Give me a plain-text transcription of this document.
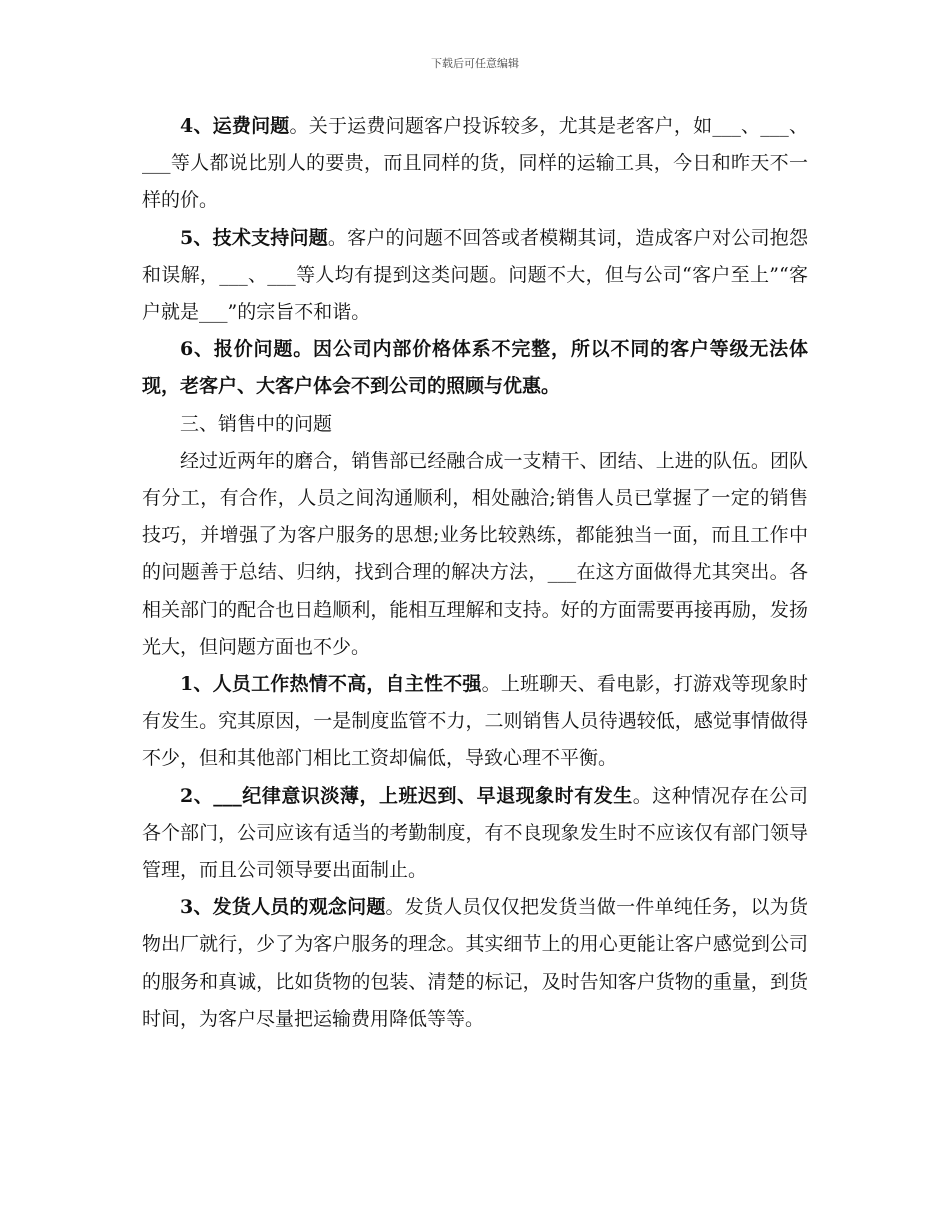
下载后可任意编辑

4、运费问题。关于运费问题客户投诉较多，尤其是老客户，如___、___、___等人都说比别人的要贵，而且同样的货，同样的运输工具，今日和昨天不一样的价。

5、技术支持问题。客户的问题不回答或者模糊其词，造成客户对公司抱怨和误解，___、___等人均有提到这类问题。问题不大，但与公司“客户至上”“客户就是___”的宗旨不和谐。

6、报价问题。因公司内部价格体系不完整，所以不同的客户等级无法体现，老客户、大客户体会不到公司的照顾与优惠。

三、销售中的问题

经过近两年的磨合，销售部已经融合成一支精干、团结、上进的队伍。团队有分工，有合作，人员之间沟通顺利，相处融洽;销售人员已掌握了一定的销售技巧，并增强了为客户服务的思想;业务比较熟练，都能独当一面，而且工作中的问题善于总结、归纳，找到合理的解决方法，___在这方面做得尤其突出。各相关部门的配合也日趋顺利，能相互理解和支持。好的方面需要再接再励，发扬光大，但问题方面也不少。

1、人员工作热情不高，自主性不强。上班聊天、看电影，打游戏等现象时有发生。究其原因，一是制度监管不力，二则销售人员待遇较低，感觉事情做得不少，但和其他部门相比工资却偏低，导致心理不平衡。

2、___纪律意识淡薄，上班迟到、早退现象时有发生。这种情况存在公司各个部门，公司应该有适当的考勤制度，有不良现象发生时不应该仅有部门领导管理，而且公司领导要出面制止。

3、发货人员的观念问题。发货人员仅仅把发货当做一件单纯任务，以为货物出厂就行，少了为客户服务的理念。其实细节上的用心更能让客户感觉到公司的服务和真诚，比如货物的包装、清楚的标记，及时告知客户货物的重量，到货时间，为客户尽量把运输费用降低等等。
